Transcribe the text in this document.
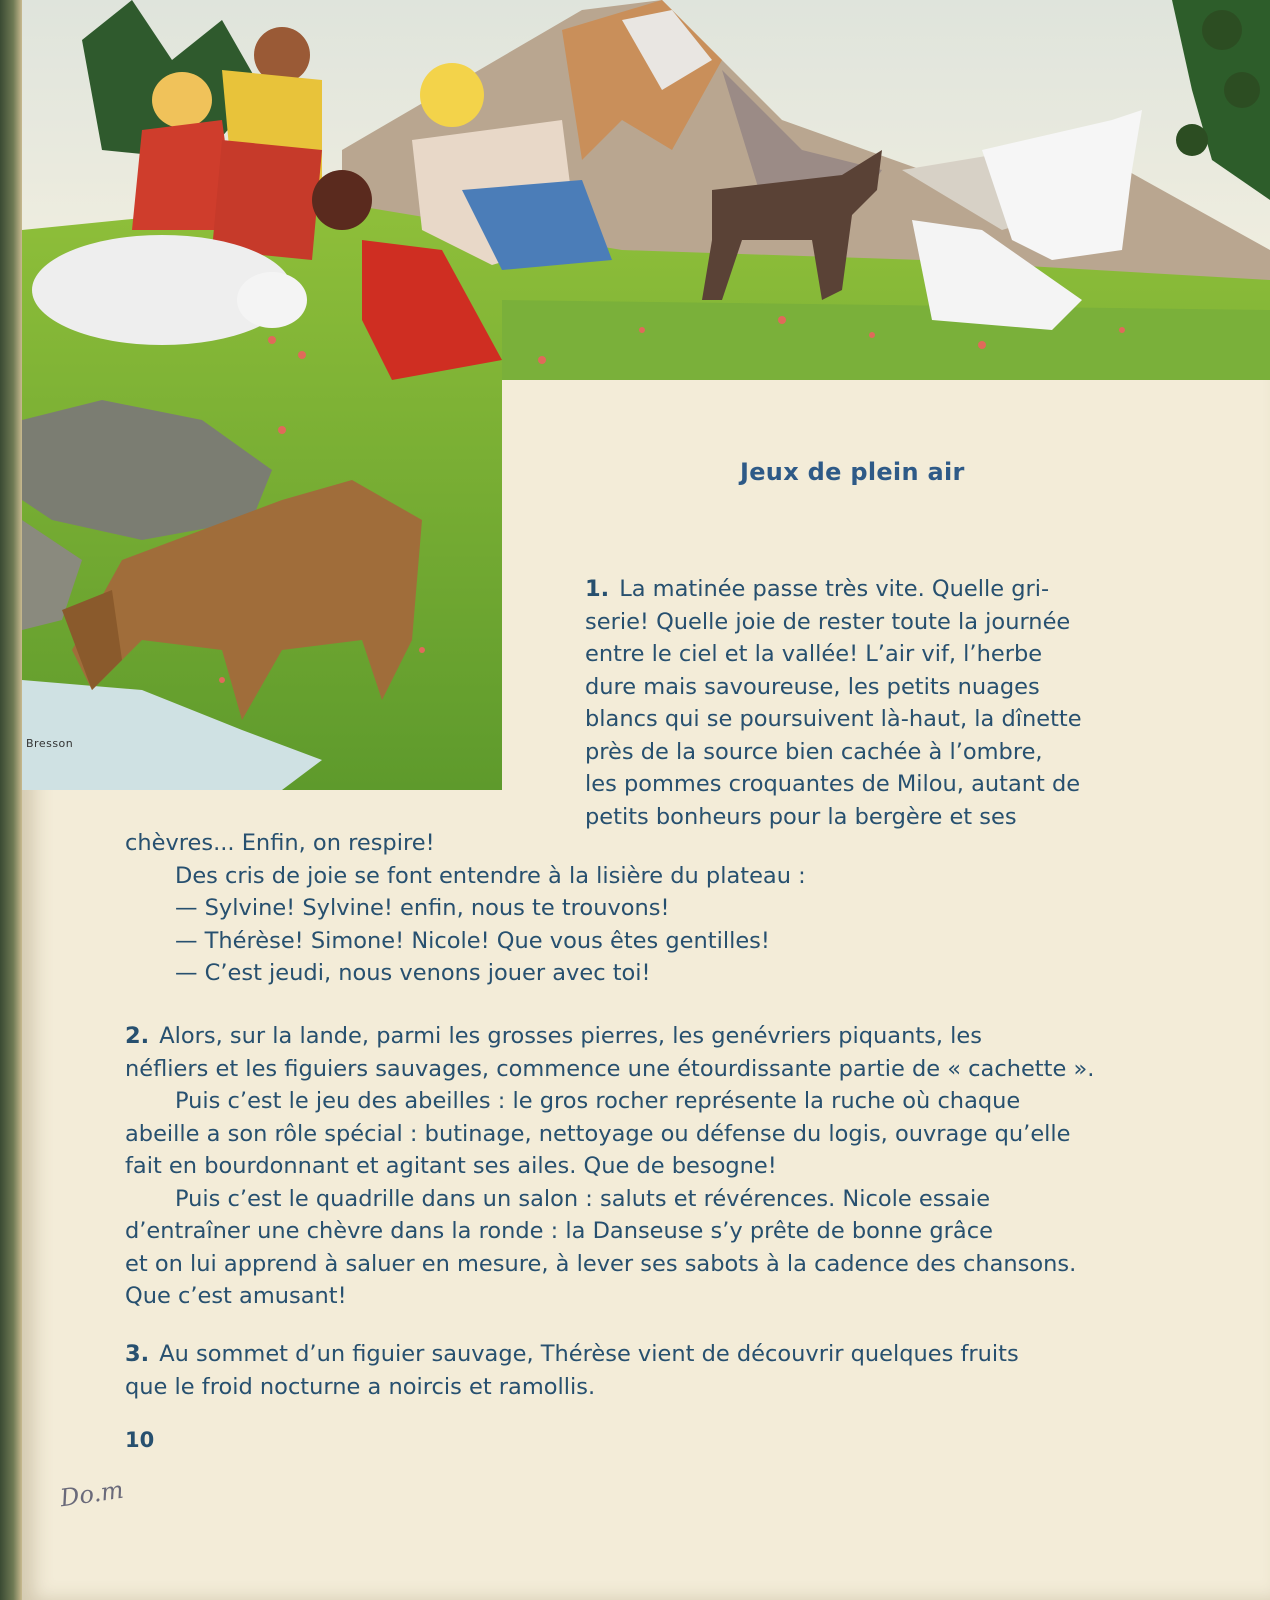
Bresson
Jeux de plein air
1. La matinée passe très vite. Quelle gri-
serie! Quelle joie de rester toute la journée
entre le ciel et la vallée! L’air vif, l’herbe
dure mais savoureuse, les petits nuages
blancs qui se poursuivent là-haut, la dînette
près de la source bien cachée à l’ombre,
les pommes croquantes de Milou, autant de
petits bonheurs pour la bergère et ses
chèvres... Enfin, on respire!
Des cris de joie se font entendre à la lisière du plateau :
— Sylvine! Sylvine! enfin, nous te trouvons!
— Thérèse! Simone! Nicole! Que vous êtes gentilles!
— C’est jeudi, nous venons jouer avec toi!
2. Alors, sur la lande, parmi les grosses pierres, les genévriers piquants, les
néfliers et les figuiers sauvages, commence une étourdissante partie de « cachette ».
Puis c’est le jeu des abeilles : le gros rocher représente la ruche où chaque
abeille a son rôle spécial : butinage, nettoyage ou défense du logis, ouvrage qu’elle
fait en bourdonnant et agitant ses ailes. Que de besogne!
Puis c’est le quadrille dans un salon : saluts et révérences. Nicole essaie
d’entraîner une chèvre dans la ronde : la Danseuse s’y prête de bonne grâce
et on lui apprend à saluer en mesure, à lever ses sabots à la cadence des chansons.
Que c’est amusant!
3. Au sommet d’un figuier sauvage, Thérèse vient de découvrir quelques fruits
que le froid nocturne a noircis et ramollis.
10
Do.m
